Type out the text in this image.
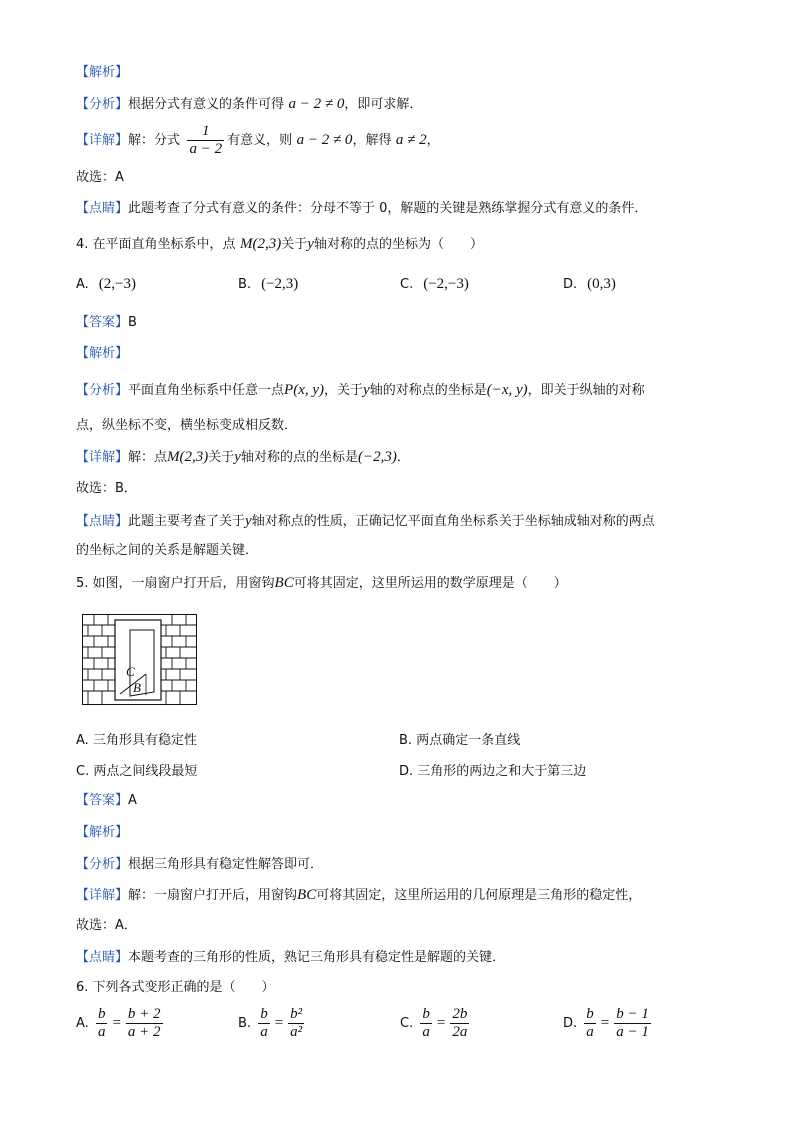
【解析】
【分析】根据分式有意义的条件可得 a − 2 ≠ 0，即可求解．
【详解】解：分式 $\frac{1}{a - 2}$ 有意义，则 a − 2 ≠ 0，解得 a ≠ 2，
故选：A
【点睛】此题考查了分式有意义的条件：分母不等于 0，解题的关键是熟练掌握分式有意义的条件．
4. 在平面直角坐标系中，点 M(2,3)关于y轴对称的点的坐标为（　　）
A. (2,−3)	B. (−2,3)	C. (−2,−3)	D. (0,3)
【答案】B
【解析】
【分析】平面直角坐标系中任意一点P(x, y)，关于y轴的对称点的坐标是(−x, y)，即关于纵轴的对称
点，纵坐标不变，横坐标变成相反数．
【详解】解：点M(2,3)关于y轴对称的点的坐标是(−2,3)．
故选：B．
【点睛】此题主要考查了关于y轴对称点的性质，正确记忆平面直角坐标系关于坐标轴成轴对称的两点
的坐标之间的关系是解题关键．
5. 如图，一扇窗户打开后，用窗钩BC可将其固定，这里所运用的数学原理是（　　）
C
B
A. 三角形具有稳定性	B. 两点确定一条直线
C. 两点之间线段最短	D. 三角形的两边之和大于第三边
【答案】A
【解析】
【分析】根据三角形具有稳定性解答即可．
【详解】解：一扇窗户打开后，用窗钩BC可将其固定，这里所运用的几何原理是三角形的稳定性，
故选：A．
【点睛】本题考查的三角形的性质，熟记三角形具有稳定性是解题的关键．
6. 下列各式变形正确的是（　　）
A. $\frac{b}{a} = \frac{b + 2}{a + 2}$	B. $\frac{b}{a} = \frac{\text{b²}}{\text{a²}}$	C. $\frac{b}{a} = \frac{2b}{2a}$	D. $\frac{b}{a} = \frac{b - 1}{a - 1}$
